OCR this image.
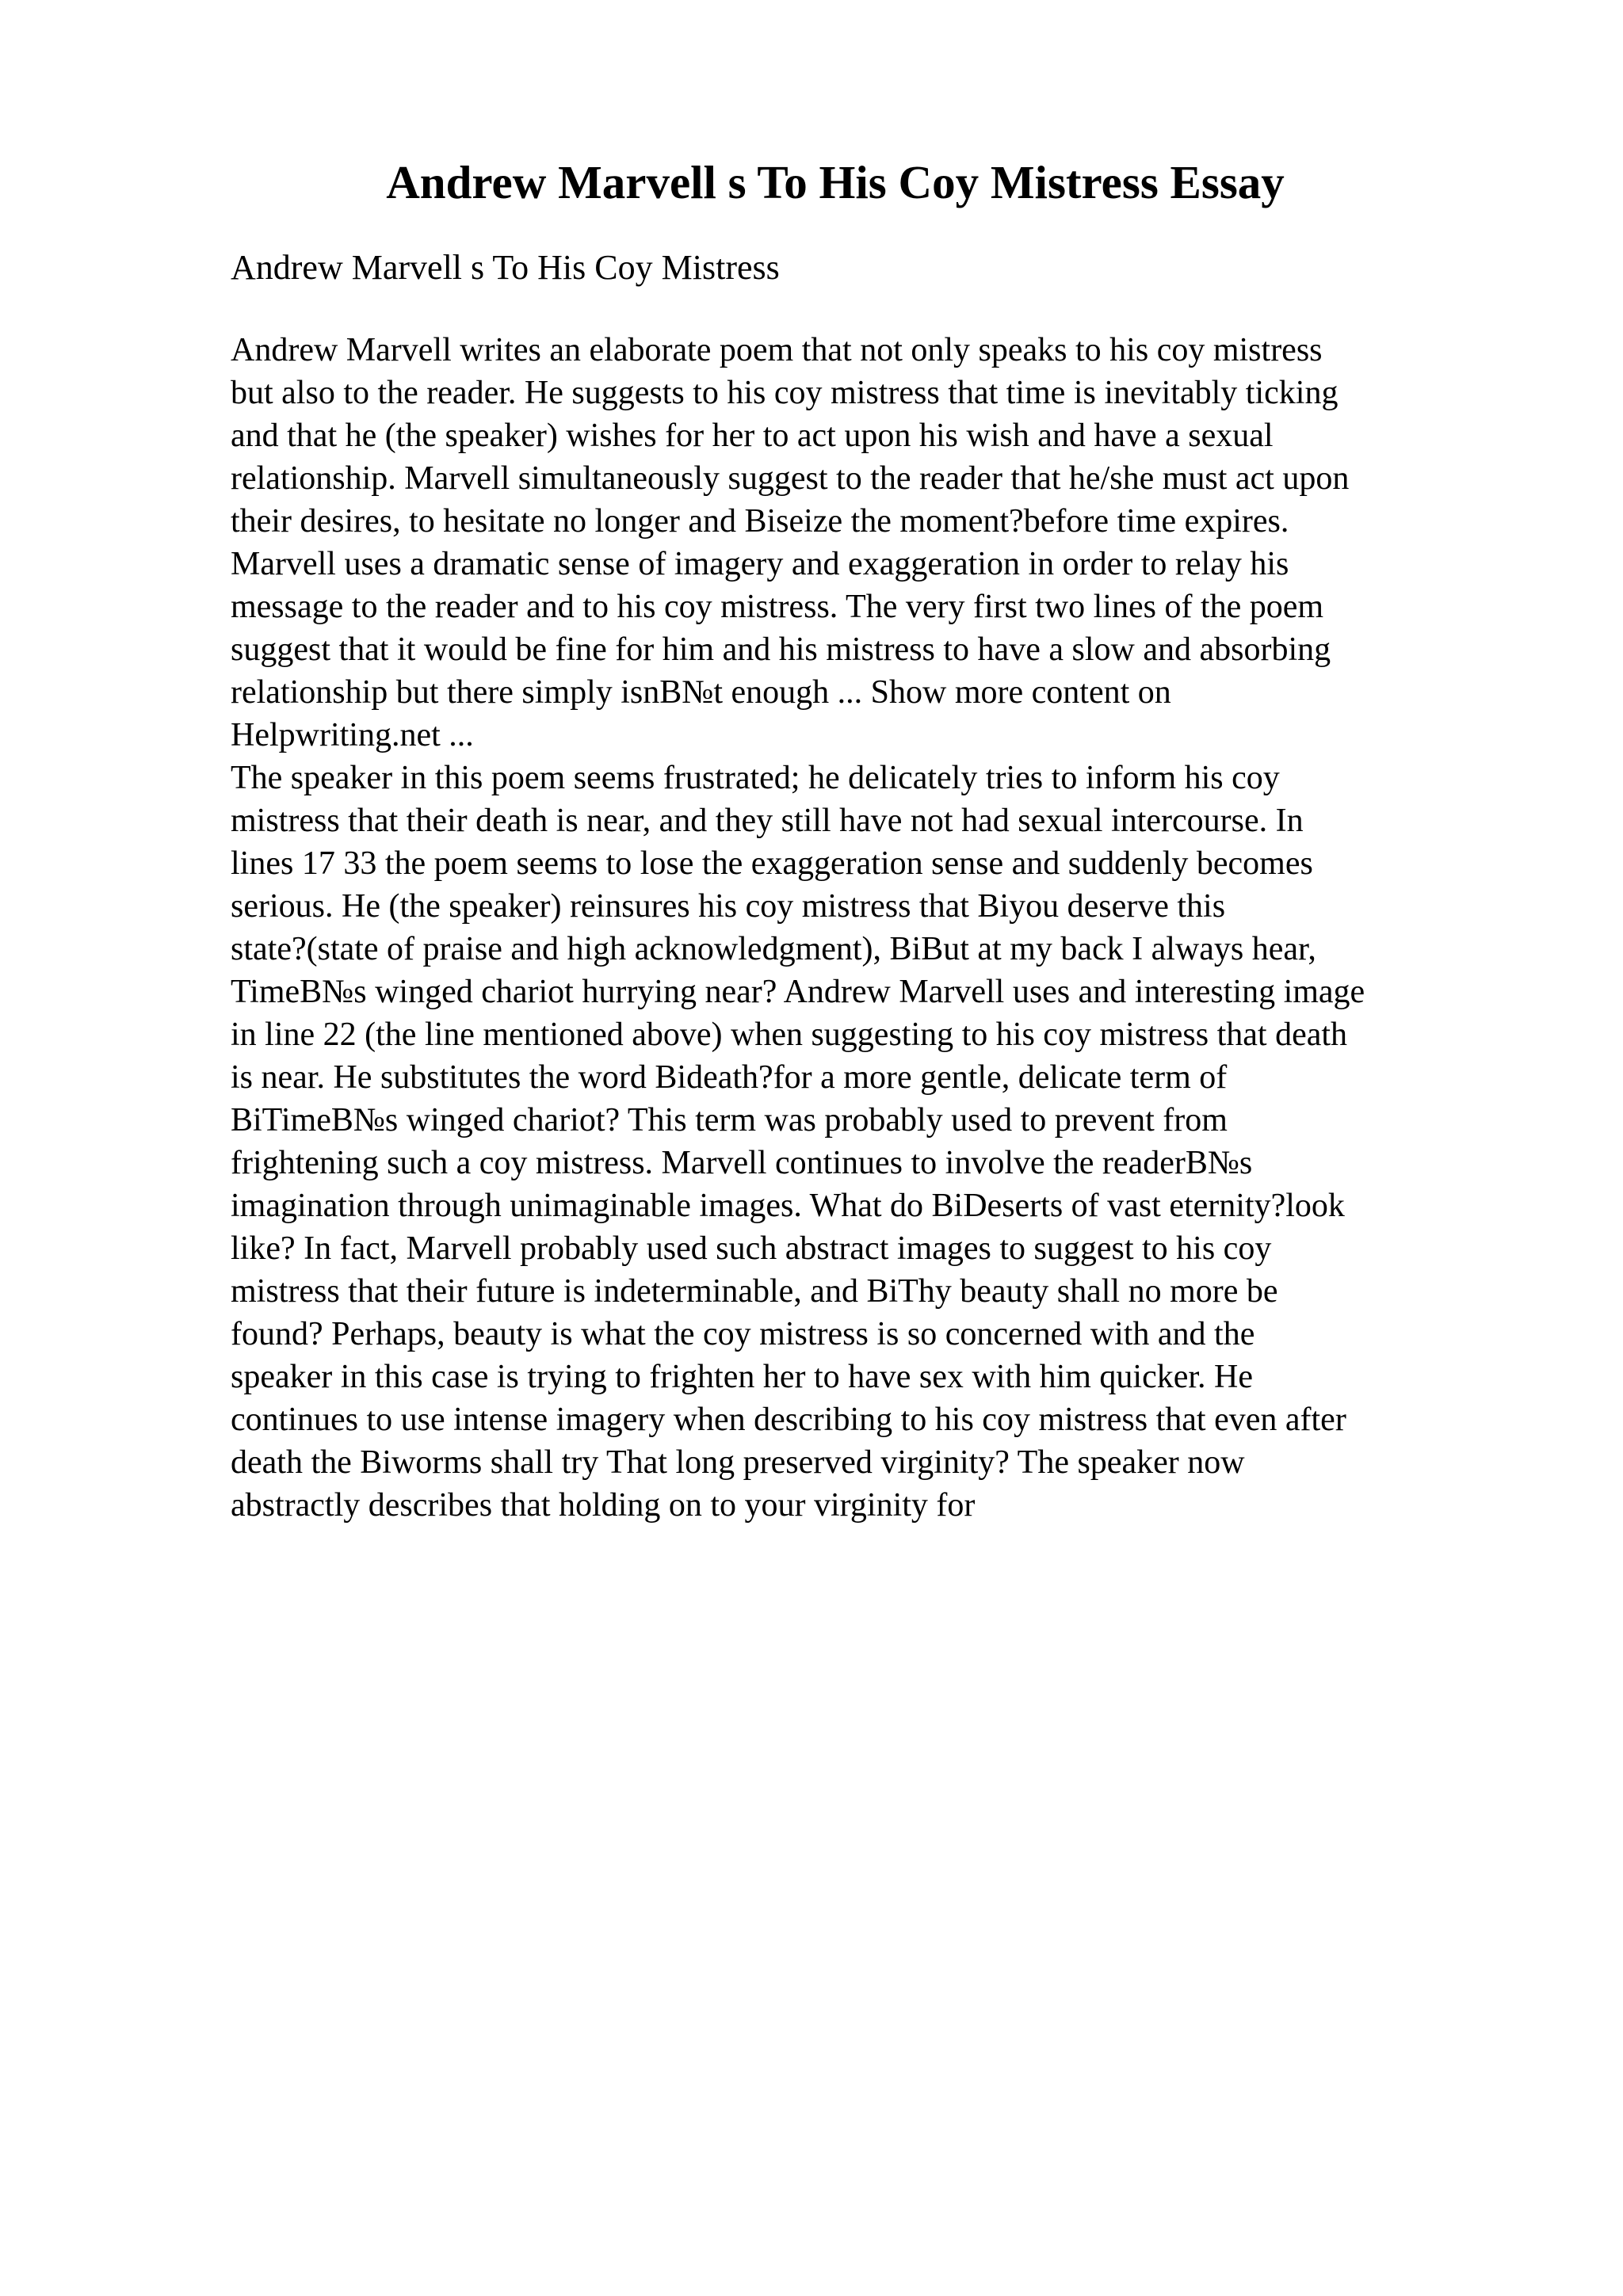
Andrew Marvell s To His Coy Mistress Essay
Andrew Marvell s To His Coy Mistress

Andrew Marvell writes an elaborate poem that not only speaks to his coy mistress
but also to the reader. He suggests to his coy mistress that time is inevitably ticking
and that he (the speaker) wishes for her to act upon his wish and have a sexual
relationship. Marvell simultaneously suggest to the reader that he/she must act upon
their desires, to hesitate no longer and Biseize the moment?before time expires.
Marvell uses a dramatic sense of imagery and exaggeration in order to relay his
message to the reader and to his coy mistress. The very first two lines of the poem
suggest that it would be fine for him and his mistress to have a slow and absorbing
relationship but there simply isnB№t enough ... Show more content on
Helpwriting.net ...

The speaker in this poem seems frustrated; he delicately tries to inform his coy
mistress that their death is near, and they still have not had sexual intercourse. In
lines 17 33 the poem seems to lose the exaggeration sense and suddenly becomes
serious. He (the speaker) reinsures his coy mistress that Biyou deserve this
state?(state of praise and high acknowledgment), BiBut at my back I always hear,
TimeB№s winged chariot hurrying near? Andrew Marvell uses and interesting image
in line 22 (the line mentioned above) when suggesting to his coy mistress that death
is near. He substitutes the word Bideath?for a more gentle, delicate term of
BiTimeB№s winged chariot? This term was probably used to prevent from
frightening such a coy mistress. Marvell continues to involve the readerB№s
imagination through unimaginable images. What do BiDeserts of vast eternity?look
like? In fact, Marvell probably used such abstract images to suggest to his coy
mistress that their future is indeterminable, and BiThy beauty shall no more be
found? Perhaps, beauty is what the coy mistress is so concerned with and the
speaker in this case is trying to frighten her to have sex with him quicker. He
continues to use intense imagery when describing to his coy mistress that even after
death the Biworms shall try That long preserved virginity? The speaker now
abstractly describes that holding on to your virginity for
